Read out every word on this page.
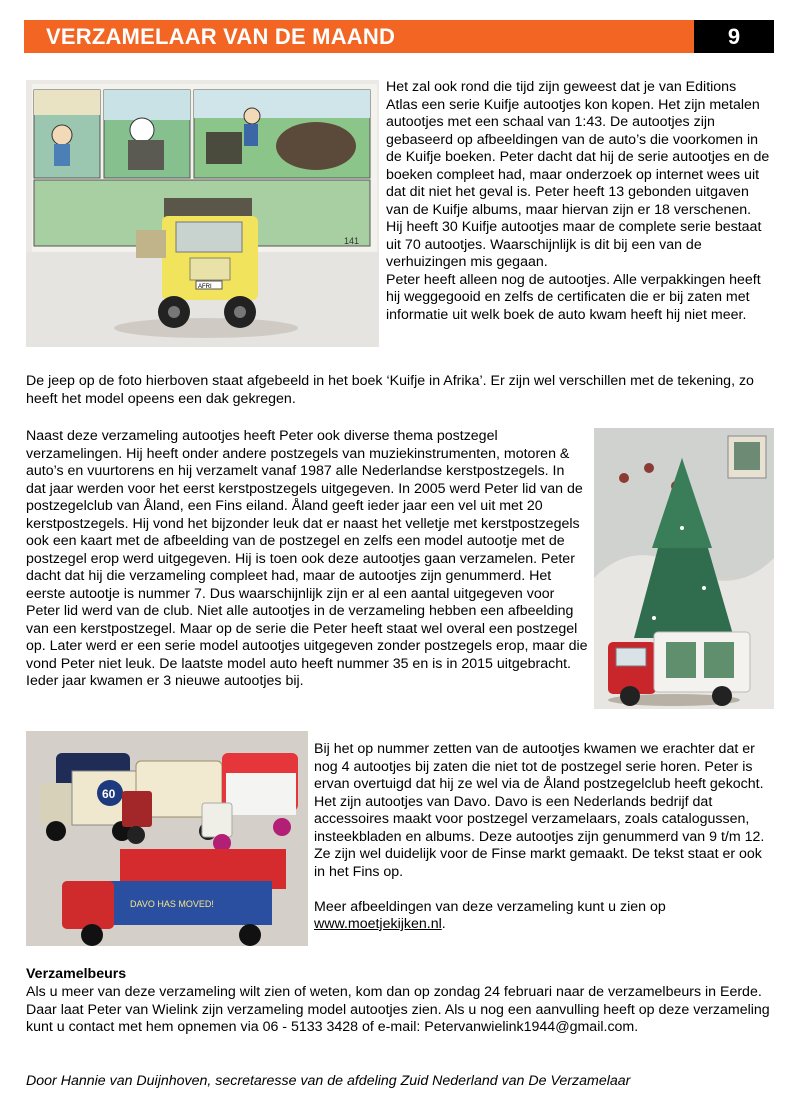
VERZAMELAAR VAN DE MAAND	9
141
AFRI

Het zal ook rond die tijd zijn geweest dat je van Editions Atlas een serie Kuifje autootjes kon kopen. Het zijn metalen autootjes met een schaal van 1:43. De autootjes zijn gebaseerd op afbeeldingen van de auto’s die voorkomen in de Kuifje boeken. Peter dacht dat hij de serie autootjes en de boeken compleet had, maar onderzoek op internet wees uit dat dit niet het geval is. Peter heeft 13 gebonden uitgaven van de Kuifje albums, maar hiervan zijn er 18 verschenen. Hij heeft 30 Kuifje autootjes maar de complete serie bestaat uit 70 autootjes. Waarschijnlijk is dit bij een van de verhuizingen mis gegaan.

Peter heeft alleen nog de autootjes. Alle verpakkingen heeft hij weggegooid en zelfs de certificaten die er bij zaten met informatie uit welk boek de auto kwam heeft hij niet meer.

De jeep op de foto hierboven staat afgebeeld in het boek ‘Kuifje in Afrika’. Er zijn wel verschillen met de tekening, zo heeft het model opeens een dak gekregen.
Naast deze verzameling autootjes heeft Peter ook diverse thema postzegel verzamelingen. Hij heeft onder andere postzegels van muziekinstrumenten, motoren & auto’s en vuurtorens en hij verzamelt vanaf 1987 alle Nederlandse kerstpostzegels. In dat jaar werden voor het eerst kerstpostzegels uitgegeven. In 2005 werd Peter lid van de postzegelclub van Åland, een Fins eiland. Åland geeft ieder jaar een vel uit met 20 kerstpostzegels. Hij vond het bijzonder leuk dat er naast het velletje met kerstpostzegels ook een kaart met de afbeelding van de postzegel en zelfs een model autootje met de postzegel erop werd uitgegeven. Hij is toen ook deze autootjes gaan verzamelen. Peter dacht dat hij die verzameling compleet had, maar de autootjes zijn genummerd. Het eerste autootje is nummer 7. Dus waarschijnlijk zijn er al een aantal uitgegeven voor Peter lid werd van de club. Niet alle autootjes in de verzameling hebben een afbeelding van een kerstpostzegel. Maar op de serie die Peter heeft staat wel overal een postzegel op. Later werd er een serie model autootjes uitgegeven zonder postzegels erop, maar die vond Peter niet leuk. De laatste model auto heeft nummer 35 en is in 2015 uitgebracht. Ieder jaar kwamen er 3 nieuwe autootjes bij.
60
DAVO HAS MOVED!

Bij het op nummer zetten van de autootjes kwamen we erachter dat er nog 4 autootjes bij zaten die niet tot de postzegel serie horen. Peter is ervan overtuigd dat hij ze wel via de Åland postzegelclub heeft gekocht. Het zijn autootjes van Davo. Davo is een Nederlands bedrijf dat accessoires maakt voor postzegel verzamelaars, zoals catalogussen, insteekbladen en albums. Deze autootjes zijn genummerd van 9 t/m 12. Ze zijn wel duidelijk voor de Finse markt gemaakt. De tekst staat er ook in het Fins op.

Meer afbeeldingen van deze verzameling kunt u zien op www.moetjekijken.nl.

Verzamelbeurs
Als u meer van deze verzameling wilt zien of weten, kom dan op zondag 24 februari naar de verzamelbeurs in Eerde. Daar laat Peter van Wielink zijn verzameling model autootjes zien. Als u nog een aanvulling heeft op deze verzameling kunt u contact met hem opnemen via 06 - 5133 3428 of e-mail: Petervanwielink1944@gmail.com.
Door Hannie van Duijnhoven, secretaresse van de afdeling Zuid Nederland van De Verzamelaar
